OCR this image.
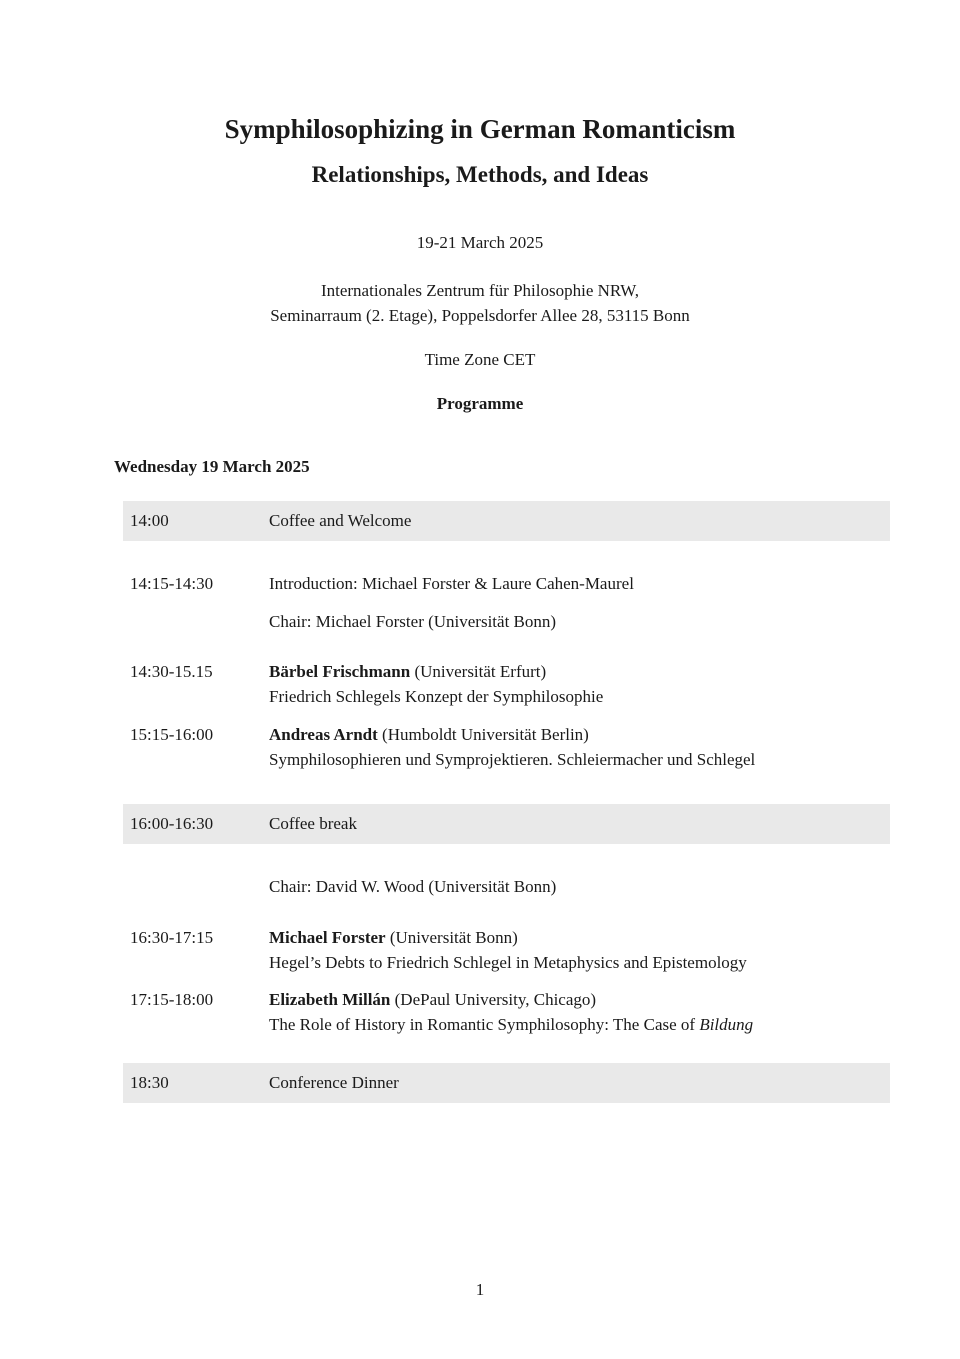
Symphilosophizing in German Romanticism
Relationships, Methods, and Ideas
19-21 March 2025
Internationales Zentrum für Philosophie NRW,
Seminarraum (2. Etage), Poppelsdorfer Allee 28, 53115 Bonn
Time Zone CET
Programme
Wednesday 19 March 2025
14:00	Coffee and Welcome
14:15-14:30	Introduction: Michael Forster & Laure Cahen-Maurel
Chair: Michael Forster (Universität Bonn)
14:30-15.15	Bärbel Frischmann (Universität Erfurt)
Friedrich Schlegels Konzept der Symphilosophie
15:15-16:00	Andreas Arndt (Humboldt Universität Berlin)
Symphilosophieren und Symprojektieren. Schleiermacher und Schlegel
16:00-16:30	Coffee break
Chair: David W. Wood (Universität Bonn)
16:30-17:15	Michael Forster (Universität Bonn)
Hegel’s Debts to Friedrich Schlegel in Metaphysics and Epistemology
17:15-18:00	Elizabeth Millán (DePaul University, Chicago)
The Role of History in Romantic Symphilosophy: The Case of Bildung
18:30	Conference Dinner
1
